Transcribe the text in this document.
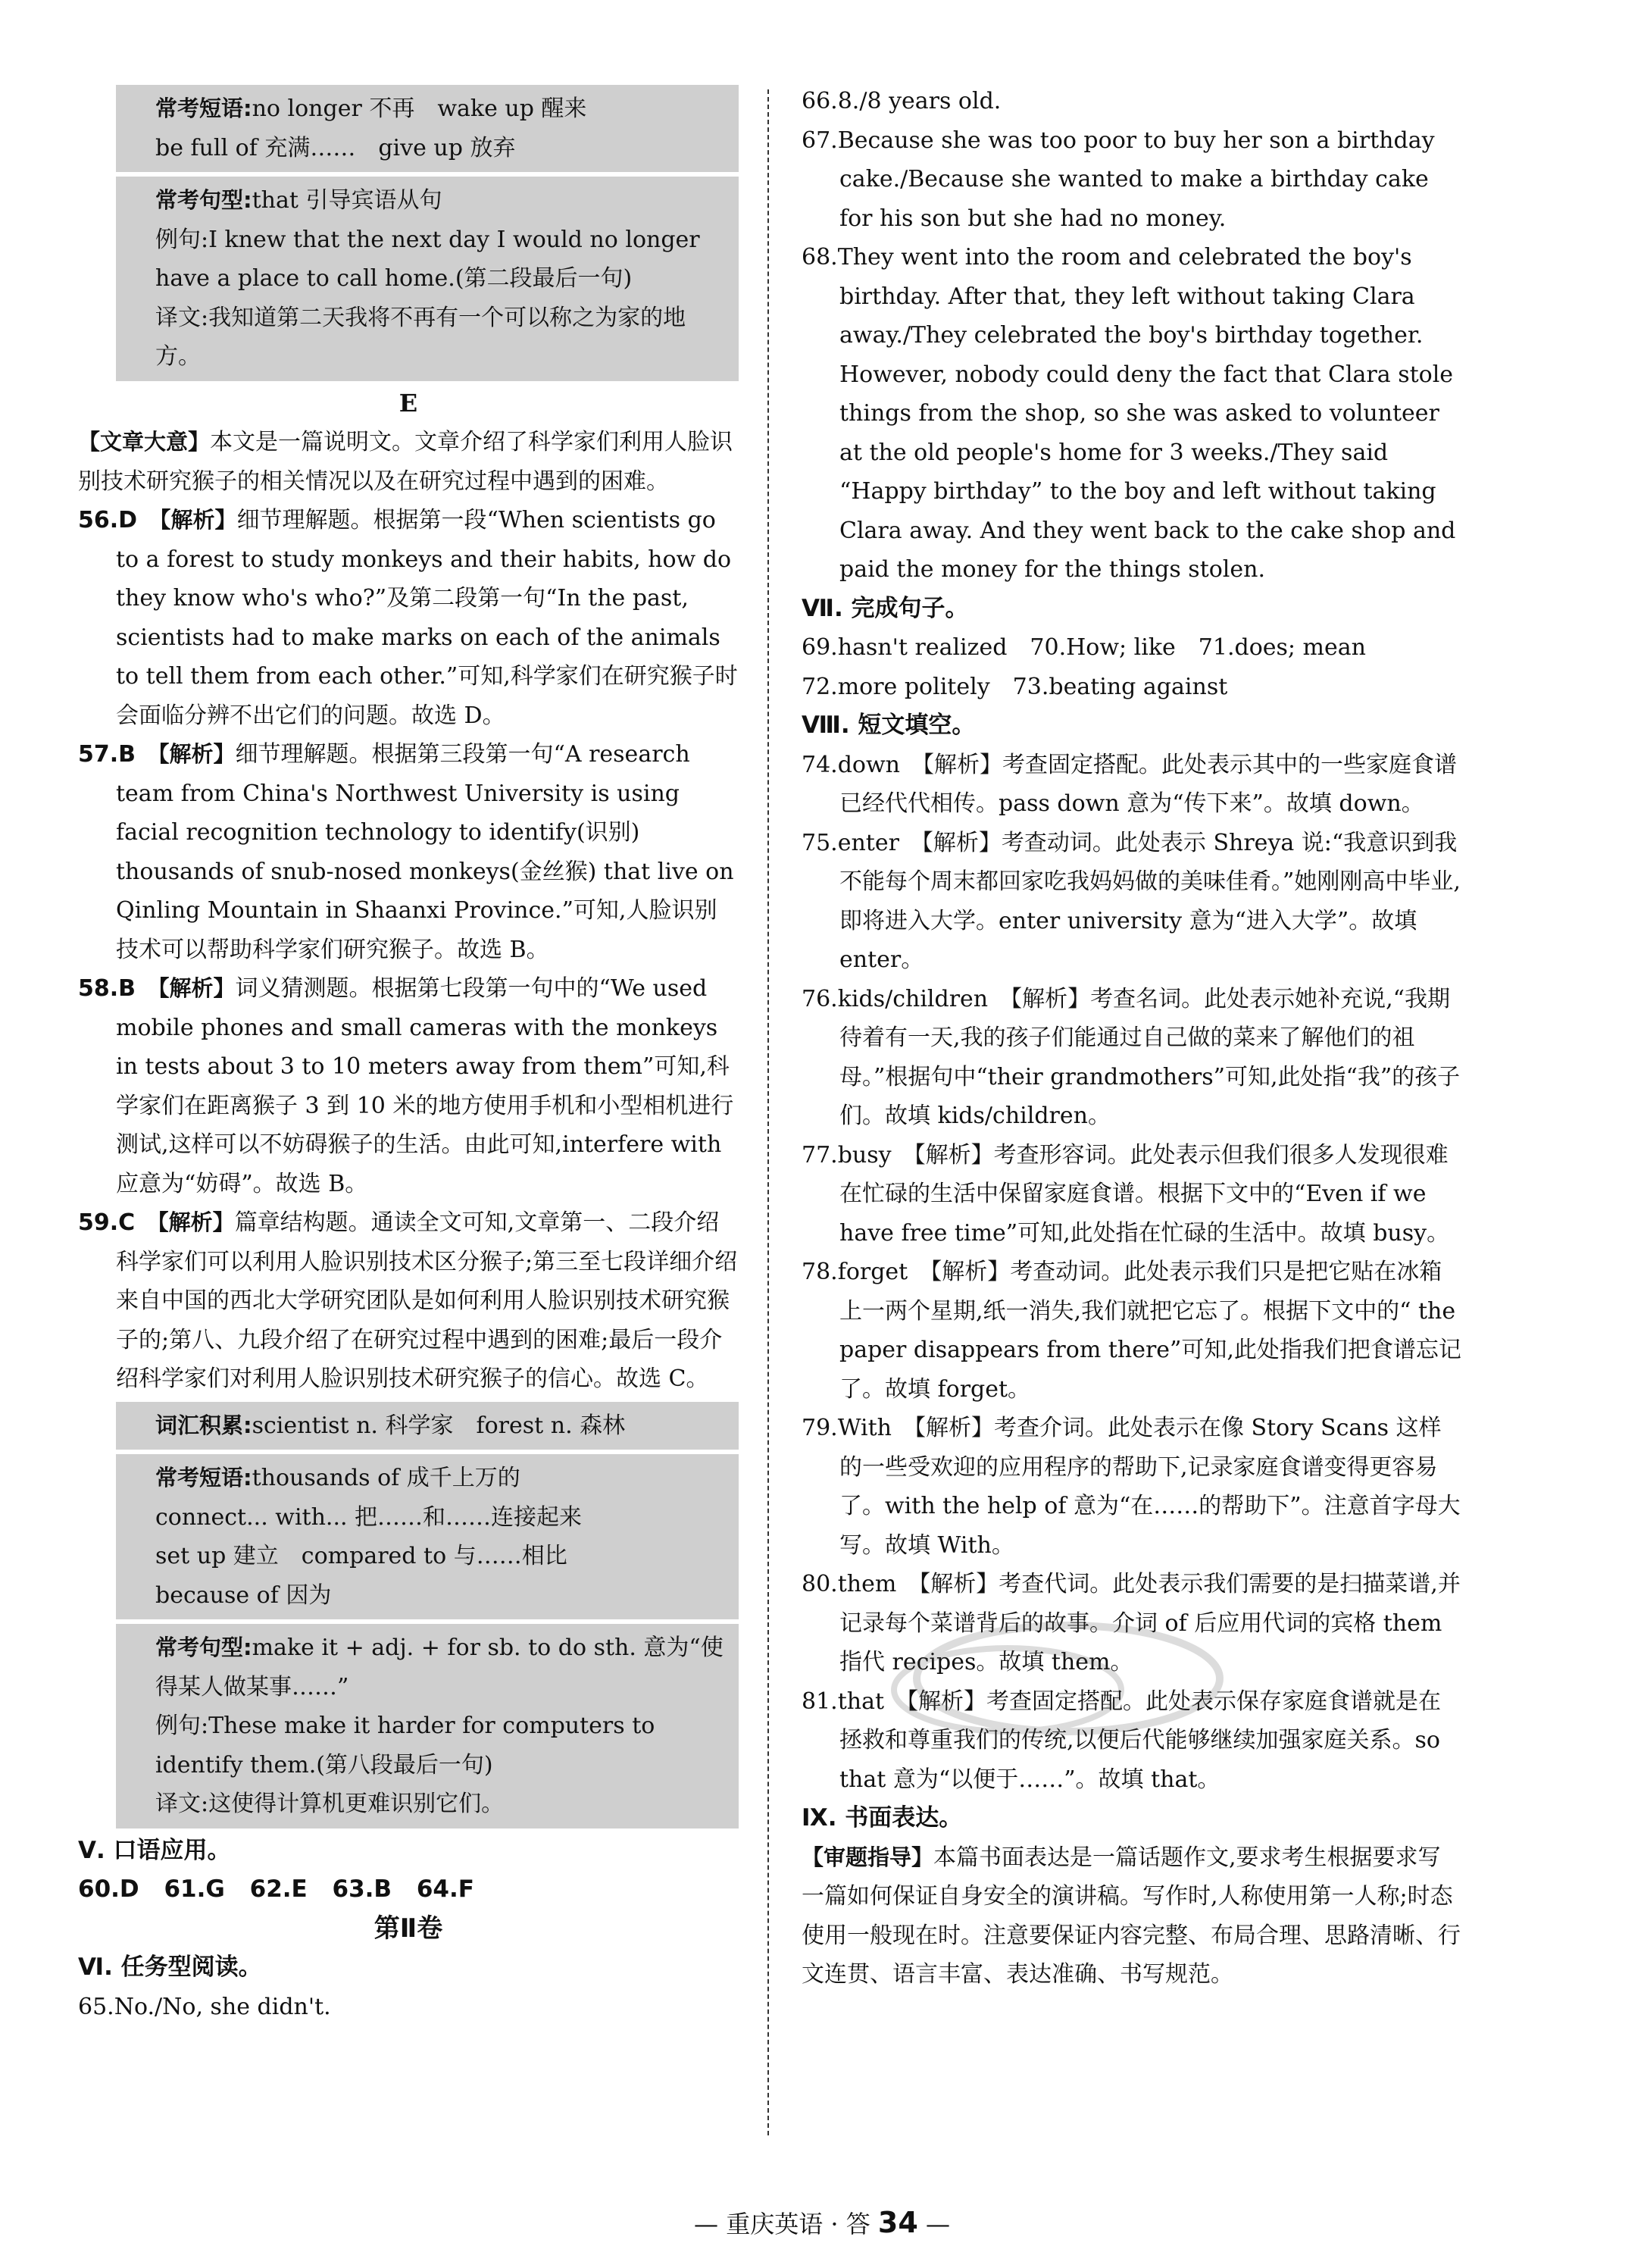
常考短语:no longer 不再　wake up 醒来
be full of 充满……　give up 放弃
常考句型:that 引导宾语从句
例句:I knew that the next day I would no longer have a place to call home.(第二段最后一句)
译文:我知道第二天我将不再有一个可以称之为家的地方。
E
【文章大意】本文是一篇说明文。文章介绍了科学家们利用人脸识别技术研究猴子的相关情况以及在研究过程中遇到的困难。
56.D　 【解析】细节理解题。根据第一段“When scientists go to a forest to study monkeys and their habits, how do they know who's who?”及第二段第一句“In the past, scientists had to make marks on each of the animals to tell them from each other.”可知,科学家们在研究猴子时会面临分辨不出它们的问题。故选 D。
57.B　 【解析】细节理解题。根据第三段第一句“A research team from China's Northwest University is using facial recognition technology to identify(识别) thousands of snub-nosed monkeys(金丝猴) that live on Qinling Mountain in Shaanxi Province.”可知,人脸识别技术可以帮助科学家们研究猴子。故选 B。
58.B　 【解析】词义猜测题。根据第七段第一句中的“We used mobile phones and small cameras with the monkeys in tests about 3 to 10 meters away from them”可知,科学家们在距离猴子 3 到 10 米的地方使用手机和小型相机进行测试,这样可以不妨碍猴子的生活。由此可知,interfere with 应意为“妨碍”。故选 B。
59.C　 【解析】篇章结构题。通读全文可知,文章第一、二段介绍科学家们可以利用人脸识别技术区分猴子;第三至七段详细介绍来自中国的西北大学研究团队是如何利用人脸识别技术研究猴子的;第八、九段介绍了在研究过程中遇到的困难;最后一段介绍科学家们对利用人脸识别技术研究猴子的信心。故选 C。
词汇积累:scientist n. 科学家　forest n. 森林
常考短语:thousands of 成千上万的
connect... with... 把……和……连接起来
set up 建立　compared to 与……相比
because of 因为
常考句型:make it + adj. + for sb. to do sth. 意为“使得某人做某事……”
例句:These make it harder for computers to identify them.(第八段最后一句)
译文:这使得计算机更难识别它们。
Ⅴ. 口语应用。
60.D 61.G 62.E 63.B 64.F
第Ⅱ卷
Ⅵ. 任务型阅读。
65.No./No, she didn't.
66.8./8 years old.
67.Because she was too poor to buy her son a birthday cake./Because she wanted to make a birthday cake for his son but she had no money.
68.They went into the room and celebrated the boy's birthday. After that, they left without taking Clara away./They celebrated the boy's birthday together. However, nobody could deny the fact that Clara stole things from the shop, so she was asked to volunteer at the old people's home for 3 weeks./They said “Happy birthday” to the boy and left without taking Clara away. And they went back to the cake shop and paid the money for the things stolen.
Ⅶ. 完成句子。
69.hasn't realized　70.How; like　71.does; mean
72.more politely　73.beating against
Ⅷ. 短文填空。
74.down　【解析】考查固定搭配。此处表示其中的一些家庭食谱已经代代相传。pass down 意为“传下来”。故填 down。
75.enter　【解析】考查动词。此处表示 Shreya 说:“我意识到我不能每个周末都回家吃我妈妈做的美味佳肴。”她刚刚高中毕业,即将进入大学。enter university 意为“进入大学”。故填 enter。
76.kids/children　【解析】考查名词。此处表示她补充说,“我期待着有一天,我的孩子们能通过自己做的菜来了解他们的祖母。”根据句中“their grandmothers”可知,此处指“我”的孩子们。故填 kids/children。
77.busy　【解析】考查形容词。此处表示但我们很多人发现很难在忙碌的生活中保留家庭食谱。根据下文中的“Even if we have free time”可知,此处指在忙碌的生活中。故填 busy。
78.forget　【解析】考查动词。此处表示我们只是把它贴在冰箱上一两个星期,纸一消失,我们就把它忘了。根据下文中的“ the paper disappears from there”可知,此处指我们把食谱忘记了。故填 forget。
79.With　【解析】考查介词。此处表示在像 Story Scans 这样的一些受欢迎的应用程序的帮助下,记录家庭食谱变得更容易了。with the help of 意为“在……的帮助下”。注意首字母大写。故填 With。
80.them　【解析】考查代词。此处表示我们需要的是扫描菜谱,并记录每个菜谱背后的故事。介词 of 后应用代词的宾格 them 指代 recipes。故填 them。
81.that　【解析】考查固定搭配。此处表示保存家庭食谱就是在拯救和尊重我们的传统,以便后代能够继续加强家庭关系。so that 意为“以便于……”。故填 that。
Ⅸ. 书面表达。
【审题指导】本篇书面表达是一篇话题作文,要求考生根据要求写一篇如何保证自身安全的演讲稿。写作时,人称使用第一人称;时态使用一般现在时。注意要保证内容完整、布局合理、思路清晰、行文连贯、语言丰富、表达准确、书写规范。
— 重庆英语 · 答 34 —
